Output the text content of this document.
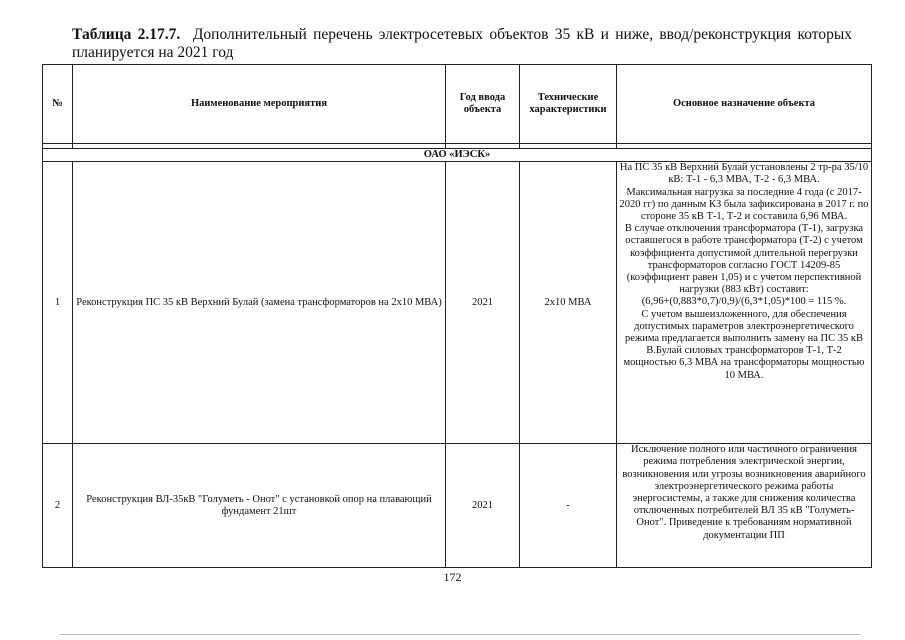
Таблица 2.17.7. Дополнительный перечень электросетевых объектов 35 кВ и ниже, ввод/реконструкция которых планируется на 2021 год
№	Наименование мероприятия	Год ввода объекта	Технические характеристики	Основное назначение объекта

ОАО «ИЭСК»				
1	Реконструкция ПС 35 кВ Верхний Булай (замена трансформаторов на 2х10 МВА)	2021	2х10 МВА	На ПС 35 кВ Верхний Булай установлены 2 тр-ра 35/10 кВ: Т-1 - 6,3 МВА, Т-2 - 6,3 МВА.
Максимальная нагрузка за последние 4 года (с 2017-2020 гг) по данным КЗ была зафиксирована в 2017 г. по стороне 35 кВ Т-1, Т-2 и составила 6,96 МВА.
В случае отключения трансформатора (Т-1), загрузка оставшегося в работе трансформатора (Т-2) с учетом коэффициента допустимой длительной перегрузки трансформаторов согласно ГОСТ 14209-85 (коэффициент равен 1,05) и с учетом перспективной нагрузки (883 кВт) составит:
(6,96+(0,883*0,7)/0,9)/(6,3*1,05)*100 = 115 %.
С учетом вышеизложенного, для обеспечения допустимых параметров электроэнергетического режима предлагается выполнить замену на ПС 35 кВ В.Булай силовых трансформаторов Т-1, Т-2 мощностью 6,3 МВА на трансформаторы мощностью 10 МВА.

2	Реконструкция ВЛ-35кВ "Голуметь - Онот" с установкой опор на плавающий фундамент 21шт	2021	-	Исключение полного или частичного ограничения режима потребления электрической энергии, возникновения или угрозы возникновения аварийного электроэнергетического режима работы энергосистемы, а также для снижения количества отключенных потребителей ВЛ 35 кВ "Голуметь-Онот". Приведение к требованиям нормативной документации ПП
172
